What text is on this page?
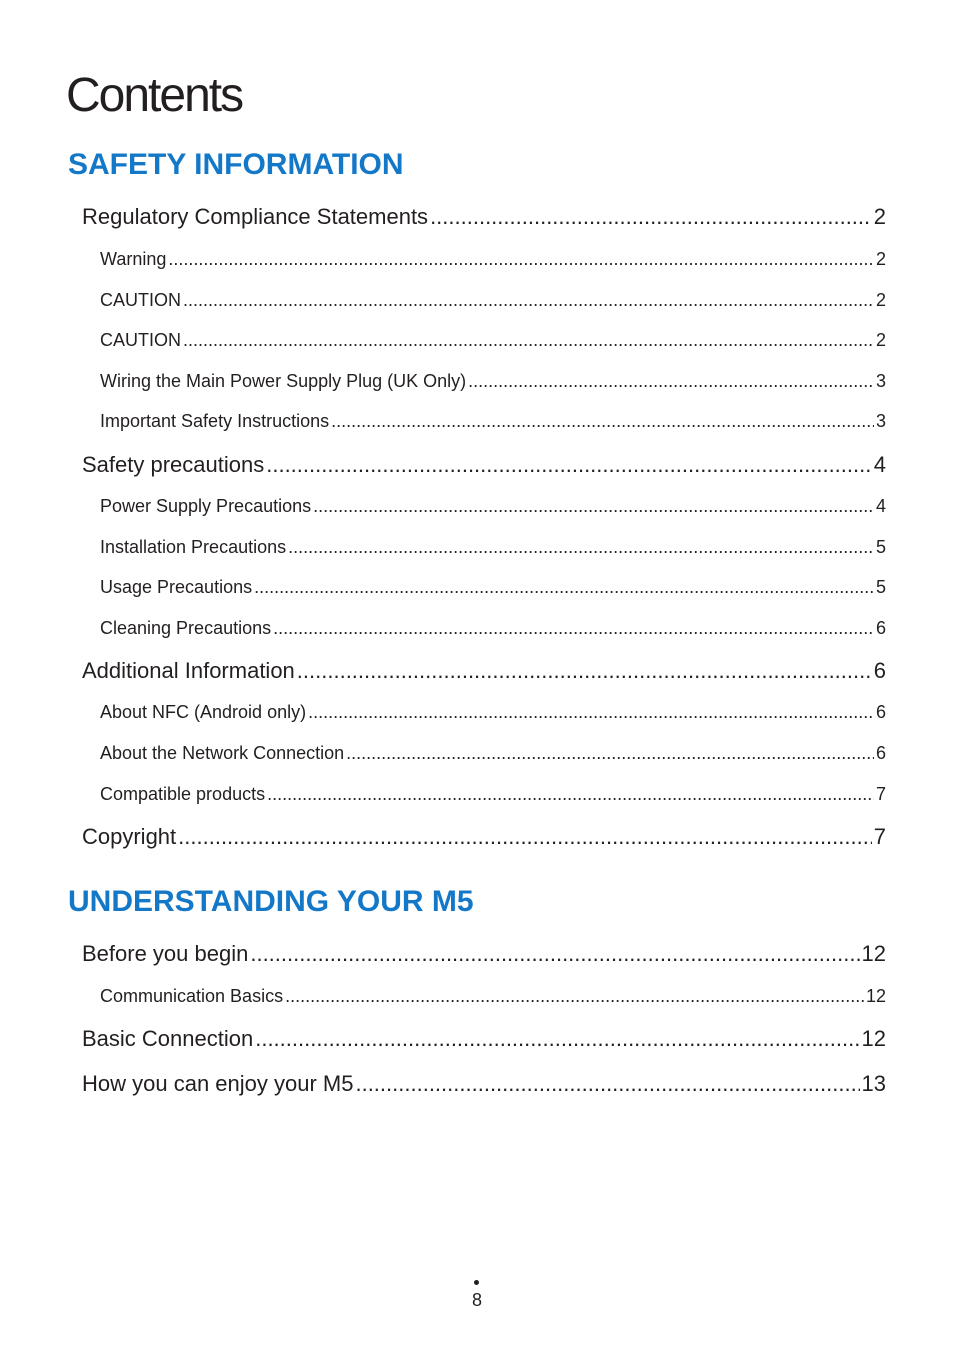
Contents
SAFETY INFORMATION
Regulatory Compliance Statements .....	2
Warning .....	2
CAUTION .....	2
CAUTION .....	2
Wiring the Main Power Supply Plug (UK Only) .....	3
Important Safety Instructions .....	3
Safety precautions .....	4
Power Supply Precautions .....	4
Installation Precautions .....	5
Usage Precautions .....	5
Cleaning Precautions .....	6
Additional Information .....	6
About NFC (Android only) .....	6
About the Network Connection .....	6
Compatible products .....	7
Copyright .....	7
UNDERSTANDING YOUR M5
Before you begin .....	12
Communication Basics .....	12
Basic Connection .....	12
How you can enjoy your M5 .....	13
8
